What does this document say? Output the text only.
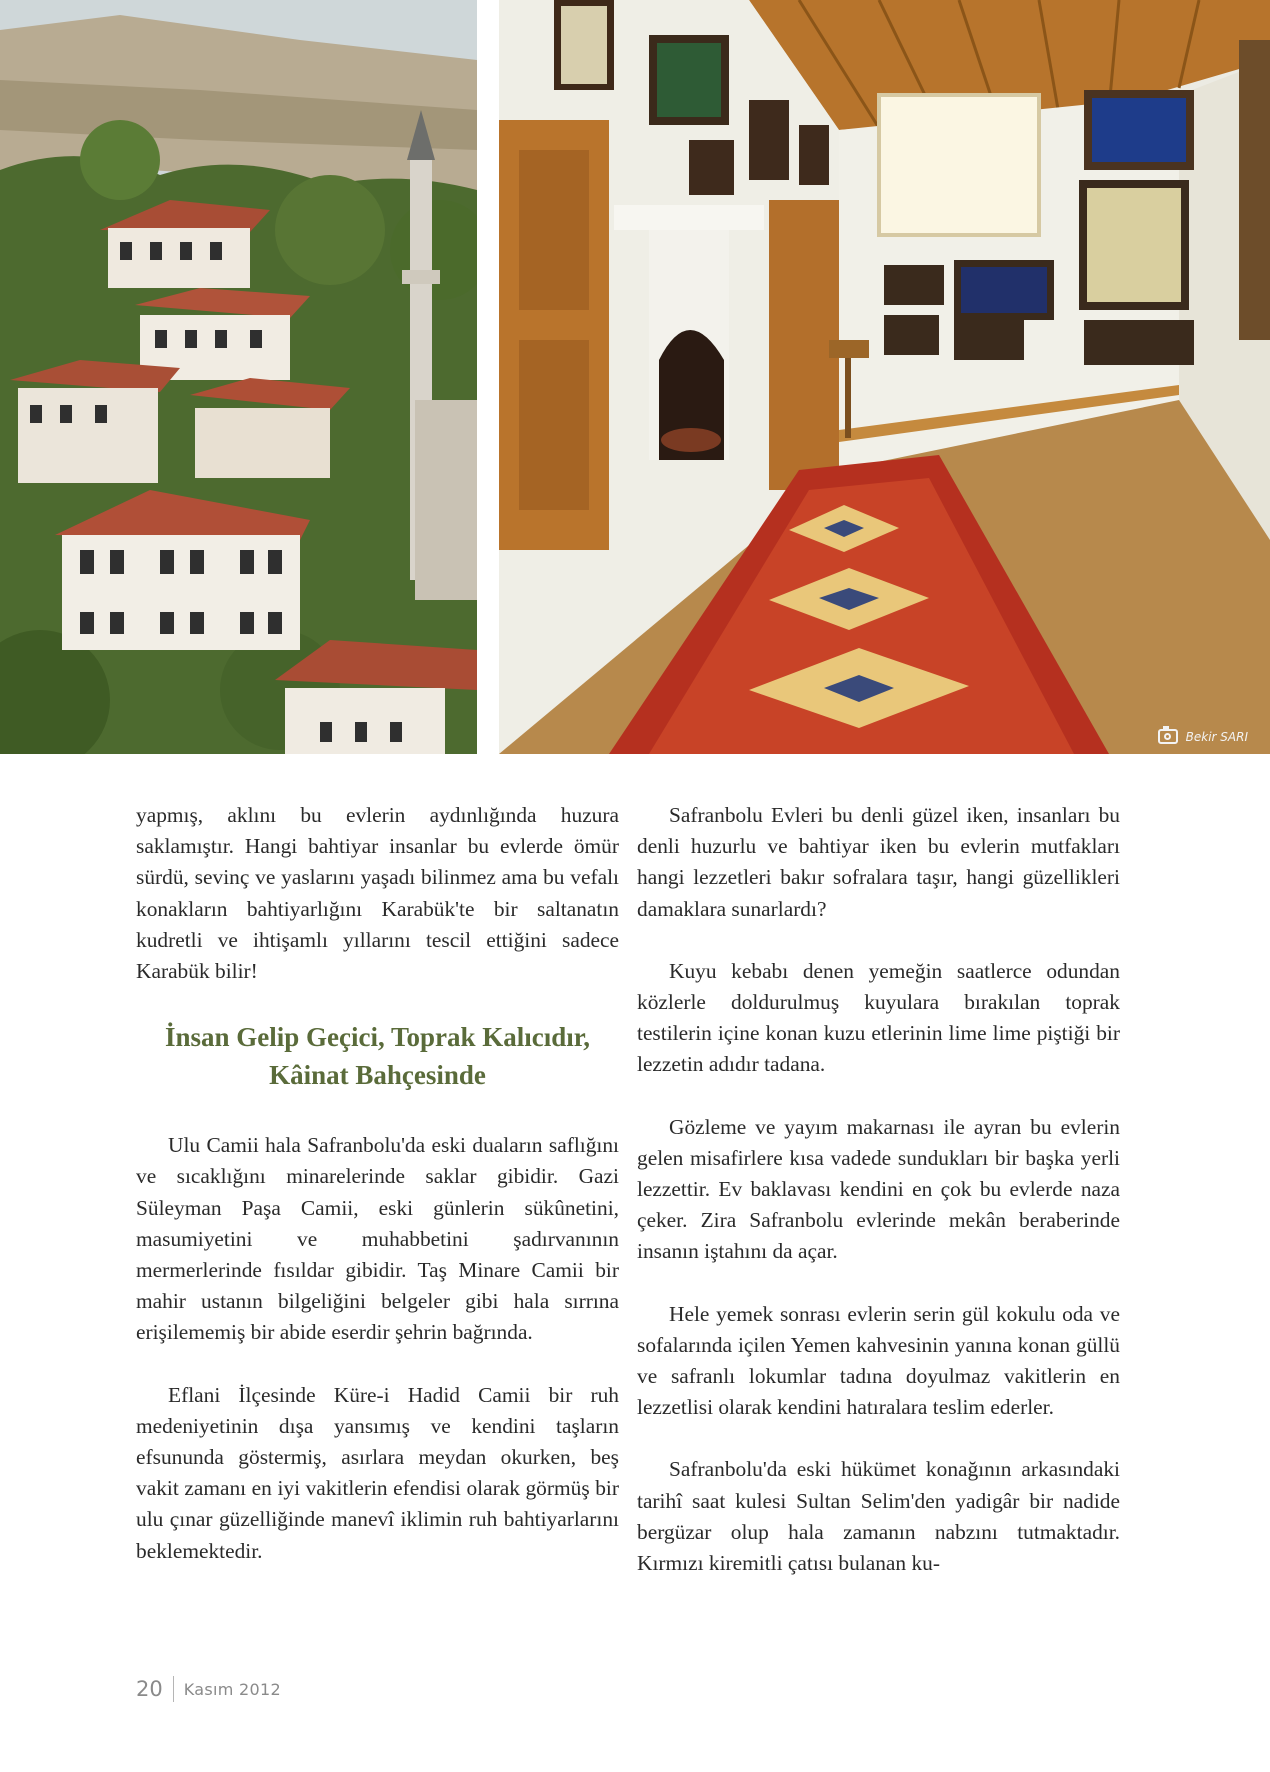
Bekir SARI

yapmış, aklını bu evlerin aydınlığında huzura saklamıştır. Hangi bahtiyar insanlar bu evlerde ömür sürdü, sevinç ve yaslarını yaşadı bilinmez ama bu vefalı konakların bahtiyarlığını Karabük'te bir saltanatın kudretli ve ihtişamlı yıllarını tescil ettiğini sadece Karabük bilir!

İnsan Gelip Geçici, Toprak Kalıcıdır, Kâinat Bahçesinde

Ulu Camii hala Safranbolu'da eski duaların saflığını ve sıcaklığını minarelerinde saklar gibidir. Gazi Süleyman Paşa Camii, eski günlerin sükûnetini, masumiyetini ve muhabbetini şadırvanının mermerlerinde fısıldar gibidir. Taş Minare Camii bir mahir ustanın bilgeliğini belgeler gibi hala sırrına erişilememiş bir abide eserdir şehrin bağrında.

Eflani İlçesinde Küre-i Hadid Camii bir ruh medeniyetinin dışa yansımış ve kendini taşların efsununda göstermiş, asırlara meydan okurken, beş vakit zamanı en iyi vakitlerin efendisi olarak görmüş bir ulu çınar güzelliğinde manevî iklimin ruh bahtiyarlarını beklemektedir.

Safranbolu Evleri bu denli güzel iken, insanları bu denli huzurlu ve bahtiyar iken bu evlerin mutfakları hangi lezzetleri bakır sofralara taşır, hangi güzellikleri damaklara sunarlardı?

Kuyu kebabı denen yemeğin saatlerce odundan közlerle doldurulmuş kuyulara bırakılan toprak testilerin içine konan kuzu etlerinin lime lime piştiği bir lezzetin adıdır tadana.

Gözleme ve yayım makarnası ile ayran bu evlerin gelen misafirlere kısa vadede sundukları bir başka yerli lezzettir. Ev baklavası kendini en çok bu evlerde naza çeker. Zira Safranbolu evlerinde mekân beraberinde insanın iştahını da açar.

Hele yemek sonrası evlerin serin gül kokulu oda ve sofalarında içilen Yemen kahvesinin yanına konan güllü ve safranlı lokumlar tadına doyulmaz vakitlerin en lezzetlisi olarak kendini hatıralara teslim ederler.

Safranbolu'da eski hükümet konağının arkasındaki tarihî saat kulesi Sultan Selim'den yadigâr bir nadide bergüzar olup hala zamanın nabzını tutmaktadır. Kırmızı kiremitli çatısı bulanan ku-

20 Kasım 2012
